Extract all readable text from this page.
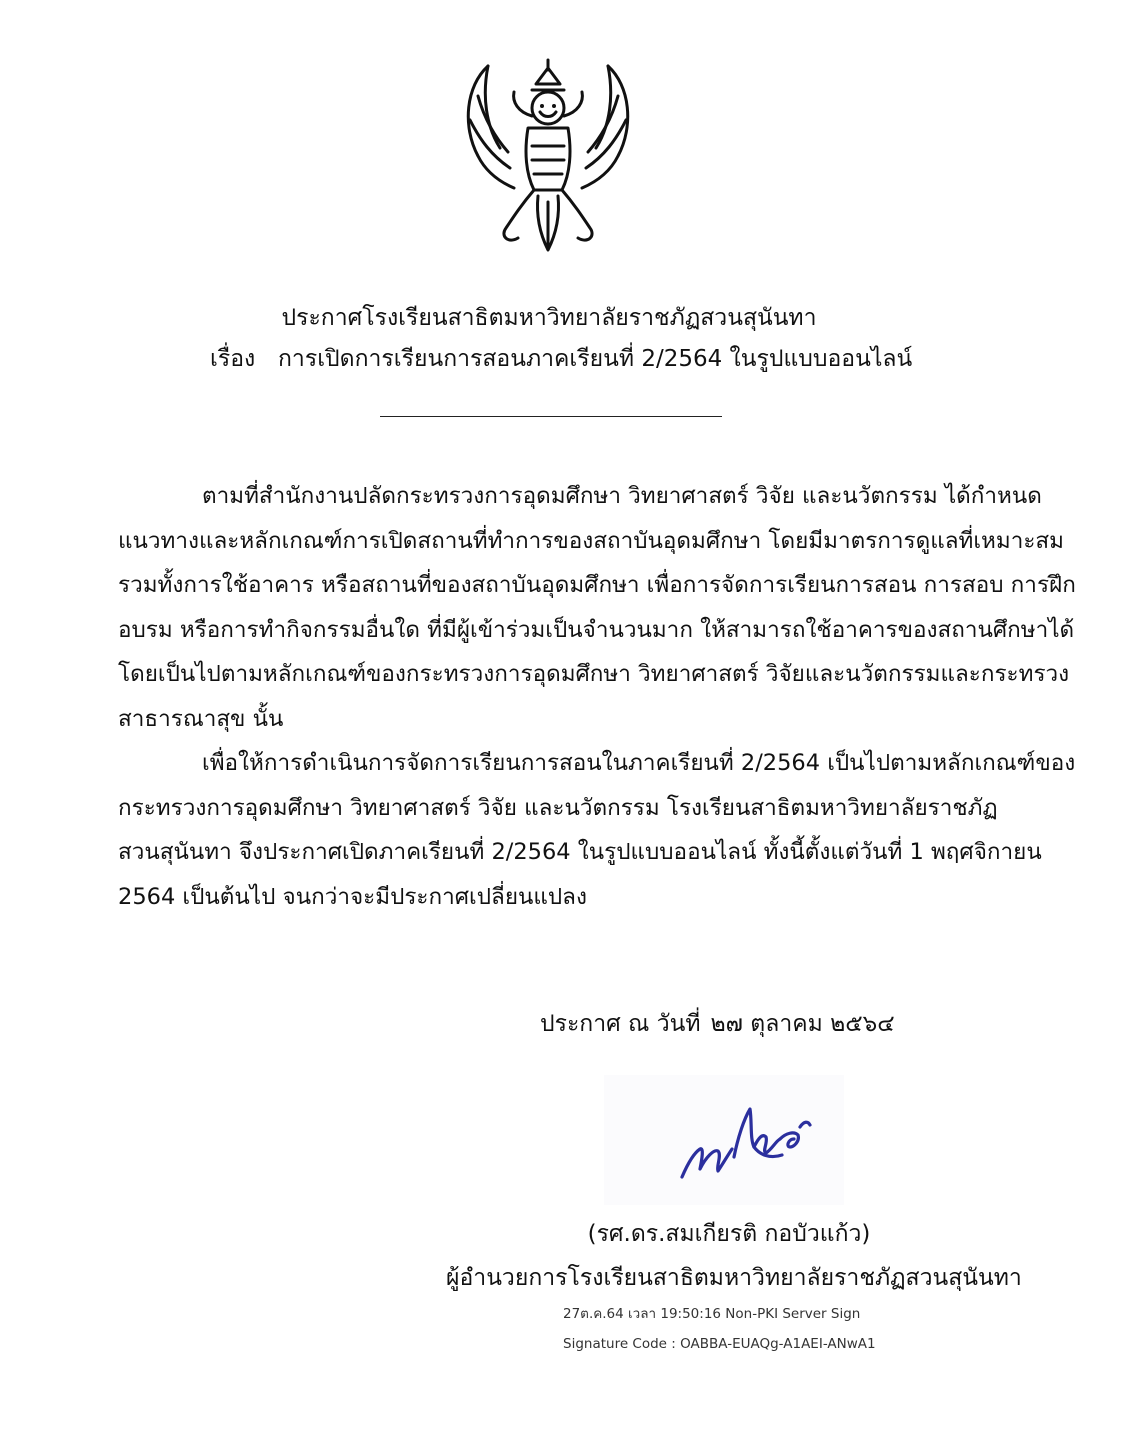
ประกาศโรงเรียนสาธิตมหาวิทยาลัยราชภัฏสวนสุนันทา
เรื่อง การเปิดการเรียนการสอนภาคเรียนที่ 2/2564 ในรูปแบบออนไลน์
ตามที่สำนักงานปลัดกระทรวงการอุดมศึกษา วิทยาศาสตร์ วิจัย และนวัตกรรม ได้กำหนด
แนวทางและหลักเกณฑ์การเปิดสถานที่ทำการของสถาบันอุดมศึกษา โดยมีมาตรการดูแลที่เหมาะสม
รวมทั้งการใช้อาคาร หรือสถานที่ของสถาบันอุดมศึกษา เพื่อการจัดการเรียนการสอน การสอบ การฝึก
อบรม หรือการทำกิจกรรมอื่นใด ที่มีผู้เข้าร่วมเป็นจำนวนมาก ให้สามารถใช้อาคารของสถานศึกษาได้
โดยเป็นไปตามหลักเกณฑ์ของกระทรวงการอุดมศึกษา วิทยาศาสตร์ วิจัยและนวัตกรรมและกระทรวง
สาธารณาสุข นั้น
เพื่อให้การดำเนินการจัดการเรียนการสอนในภาคเรียนที่ 2/2564 เป็นไปตามหลักเกณฑ์ของ
กระทรวงการอุดมศึกษา วิทยาศาสตร์ วิจัย และนวัตกรรม โรงเรียนสาธิตมหาวิทยาลัยราชภัฏ
สวนสุนันทา จึงประกาศเปิดภาคเรียนที่ 2/2564 ในรูปแบบออนไลน์ ทั้งนี้ตั้งแต่วันที่ 1 พฤศจิกายน
2564 เป็นต้นไป จนกว่าจะมีประกาศเปลี่ยนแปลง
ประกาศ ณ วันที่ ๒๗ ตุลาคม ๒๕๖๔
(รศ.ดร.สมเกียรติ กอบัวแก้ว)
ผู้อำนวยการโรงเรียนสาธิตมหาวิทยาลัยราชภัฏสวนสุนันทา
27ต.ค.64 เวลา 19:50:16 Non-PKI Server Sign
Signature Code : OABBA-EUAQg-A1AEI-ANwA1
